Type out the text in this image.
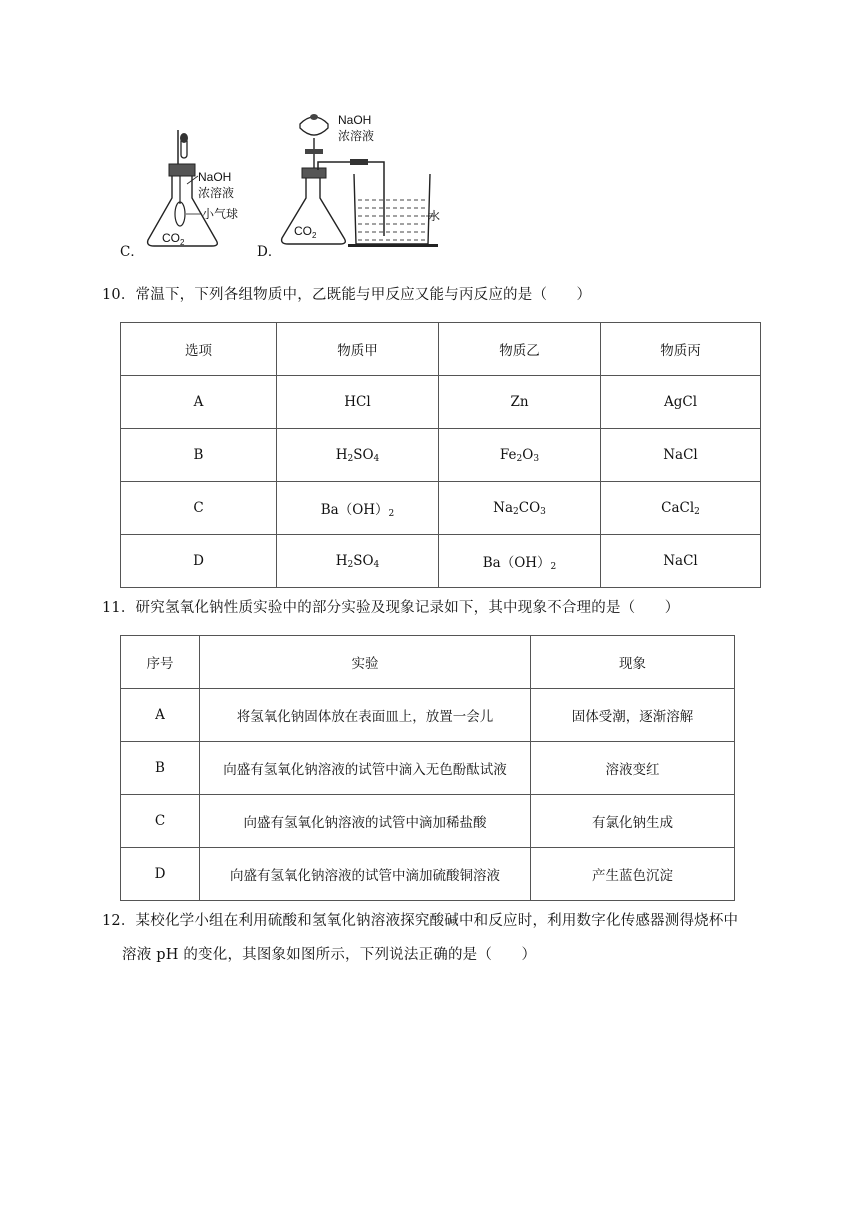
NaOH
浓溶液
小气球
$CO_2$
NaOH
浓溶液
水
$CO_2$
C．	D．
10．常温下，下列各组物质中，乙既能与甲反应又能与丙反应的是（　　）
选项	物质甲	物质乙	物质丙
A	HCl	Zn	AgCl
B	$H_2SO_4$	$Fe_2O_3$	NaCl
C	$Ba(OH)_2$	$Na_2CO_3$	CaCl$_2$
D	$H_2SO_4$	$Ba(OH)_2$	NaCl
11．研究氢氧化钠性质实验中的部分实验及现象记录如下，其中现象不合理的是（　　）
序号	实验	现象
A	将氢氧化钠固体放在表面皿上，放置一会儿	固体受潮，逐渐溶解
B	向盛有氢氧化钠溶液的试管中滴入无色酚酞试液	溶液变红
C	向盛有氢氧化钠溶液的试管中滴加稀盐酸	有氯化钠生成
D	向盛有氢氧化钠溶液的试管中滴加硫酸铜溶液	产生蓝色沉淀
12．某校化学小组在利用硫酸和氢氧化钠溶液探究酸碱中和反应时，利用数字化传感器测得烧杯中
溶液 pH 的变化，其图象如图所示，下列说法正确的是（　　）
